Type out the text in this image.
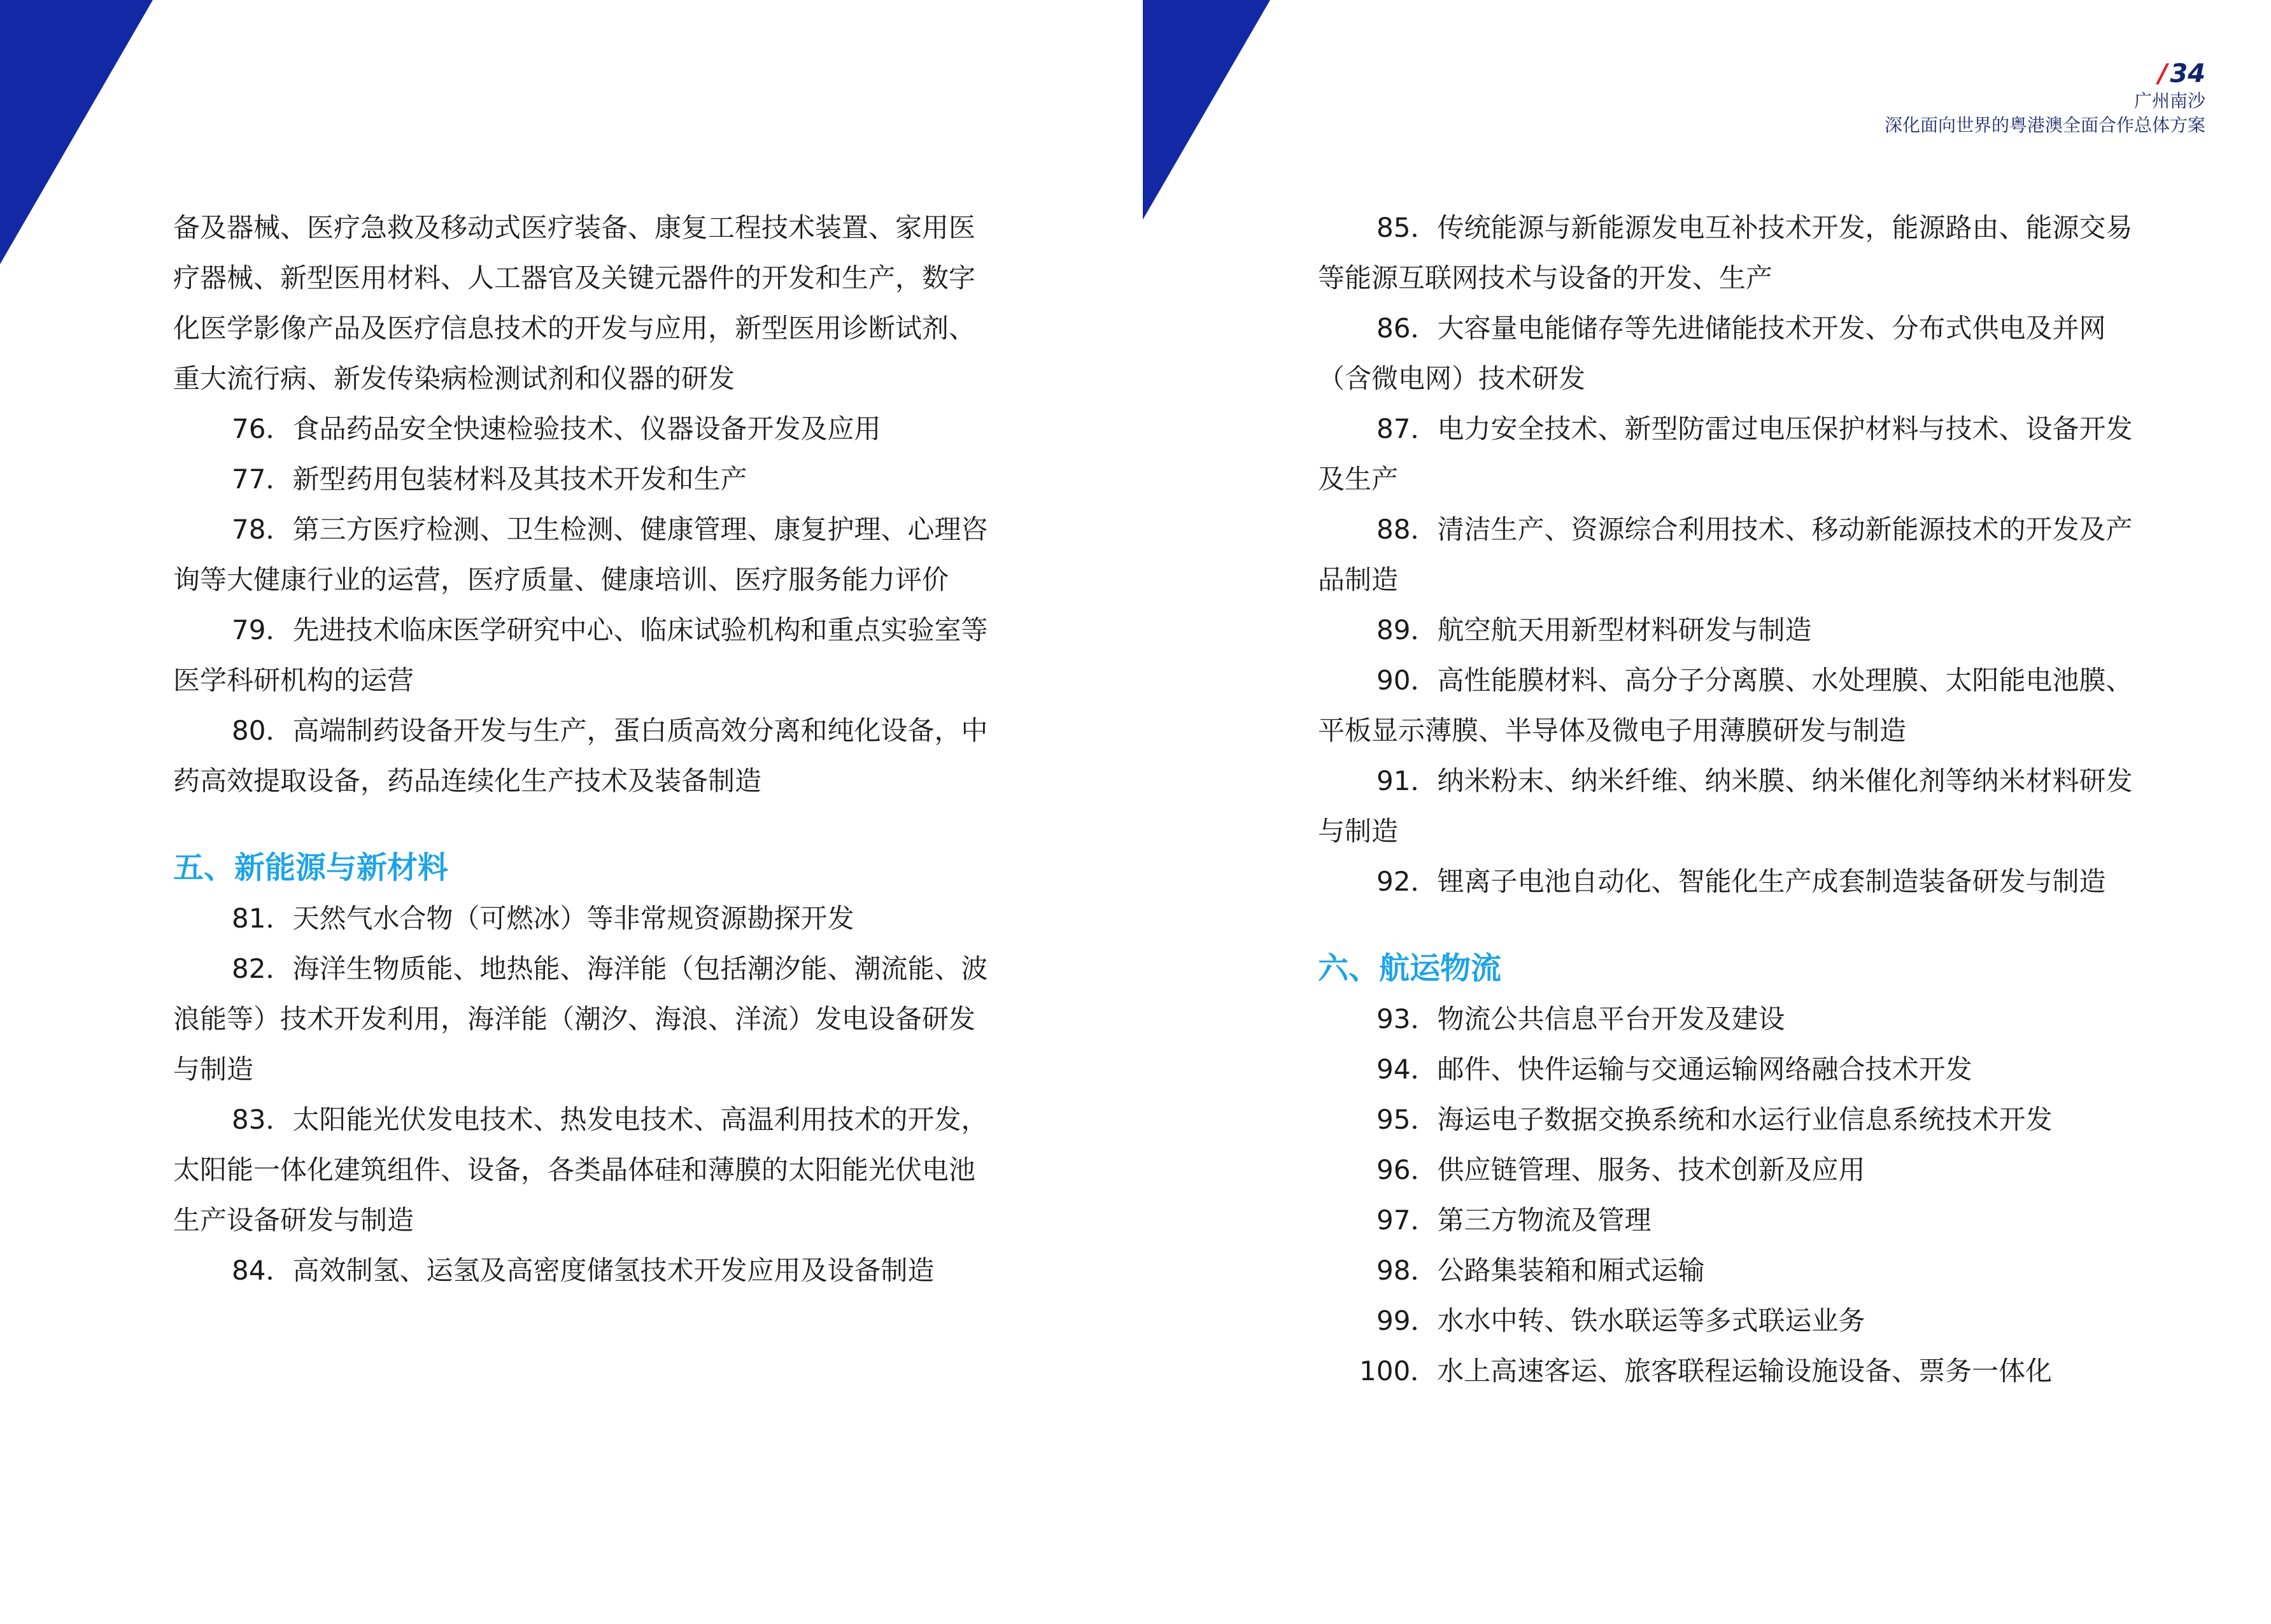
/ 34
广州南沙
深化面向世界的粤港澳全面合作总体方案

备及器械、医疗急救及移动式医疗装备、康复工程技术装置、家用医疗器械、新型医用材料、人工器官及关键元器件的开发和生产，数字化医学影像产品及医疗信息技术的开发与应用，新型医用诊断试剂、重大流行病、新发传染病检测试剂和仪器的研发

76．食品药品安全快速检验技术、仪器设备开发及应用

77．新型药用包装材料及其技术开发和生产

78．第三方医疗检测、卫生检测、健康管理、康复护理、心理咨询等大健康行业的运营，医疗质量、健康培训、医疗服务能力评价

79．先进技术临床医学研究中心、临床试验机构和重点实验室等医学科研机构的运营

80．高端制药设备开发与生产，蛋白质高效分离和纯化设备，中药高效提取设备，药品连续化生产技术及装备制造

五、新能源与新材料

81．天然气水合物（可燃冰）等非常规资源勘探开发

82．海洋生物质能、地热能、海洋能（包括潮汐能、潮流能、波浪能等）技术开发利用，海洋能（潮汐、海浪、洋流）发电设备研发与制造

83．太阳能光伏发电技术、热发电技术、高温利用技术的开发，太阳能一体化建筑组件、设备，各类晶体硅和薄膜的太阳能光伏电池生产设备研发与制造

84．高效制氢、运氢及高密度储氢技术开发应用及设备制造

85．传统能源与新能源发电互补技术开发，能源路由、能源交易等能源互联网技术与设备的开发、生产

86．大容量电能储存等先进储能技术开发、分布式供电及并网（含微电网）技术研发

87．电力安全技术、新型防雷过电压保护材料与技术、设备开发及生产

88．清洁生产、资源综合利用技术、移动新能源技术的开发及产品制造

89．航空航天用新型材料研发与制造

90．高性能膜材料、高分子分离膜、水处理膜、太阳能电池膜、平板显示薄膜、半导体及微电子用薄膜研发与制造

91．纳米粉末、纳米纤维、纳米膜、纳米催化剂等纳米材料研发与制造

92．锂离子电池自动化、智能化生产成套制造装备研发与制造

六、航运物流

93．物流公共信息平台开发及建设

94．邮件、快件运输与交通运输网络融合技术开发

95．海运电子数据交换系统和水运行业信息系统技术开发

96．供应链管理、服务、技术创新及应用

97．第三方物流及管理

98．公路集装箱和厢式运输

99．水水中转、铁水联运等多式联运业务

100．水上高速客运、旅客联程运输设施设备、票务一体化
